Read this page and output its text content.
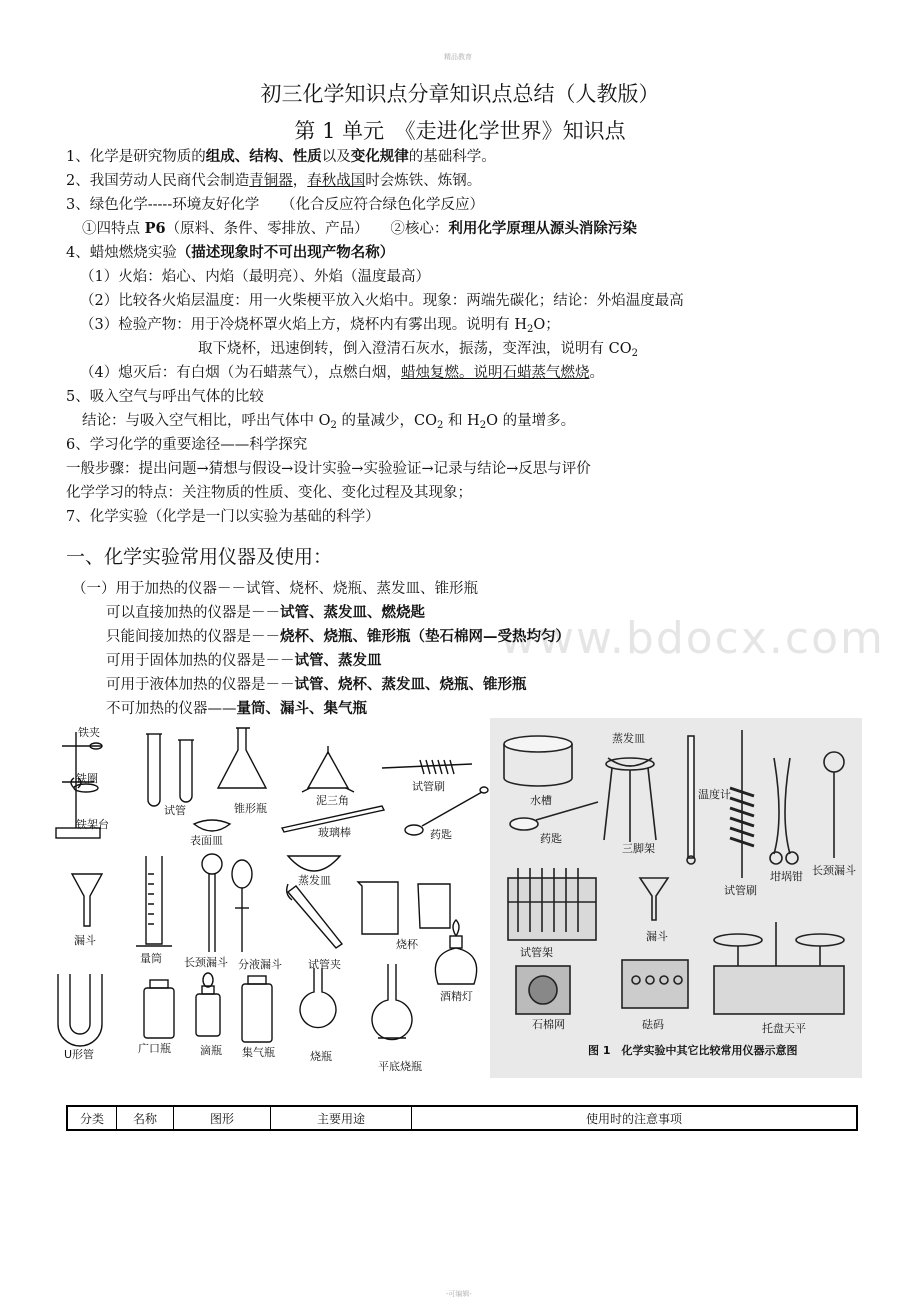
精品教育
初三化学知识点分章知识点总结（人教版）
第 1 单元　《走进化学世界》知识点
1、化学是研究物质的组成、结构、性质以及变化规律的基础科学。
2、我国劳动人民商代会制造青铜器，春秋战国时会炼铁、炼钢。
3、绿色化学-----环境友好化学　　（化合反应符合绿色化学反应）
①四特点 P6（原料、条件、零排放、产品）　　②核心：利用化学原理从源头消除污染
4、蜡烛燃烧实验（描述现象时不可出现产物名称）
（1）火焰：焰心、内焰（最明亮）、外焰（温度最高）
（2）比较各火焰层温度：用一火柴梗平放入火焰中。现象：两端先碳化；结论：外焰温度最高
（3）检验产物：用于冷烧杯罩火焰上方，烧杯内有雾出现。说明有 $H_2O$；
取下烧杯，迅速倒转，倒入澄清石灰水，振荡，变浑浊，说明有 $CO_2$
（4）熄灭后：有白烟（为石蜡蒸气），点燃白烟，蜡烛复燃。说明石蜡蒸气燃烧。
5、吸入空气与呼出气体的比较
结论：与吸入空气相比，呼出气体中 $O_2$ 的量减少，$CO_2$ 和 $H_2O$ 的量增多。
6、学习化学的重要途径——科学探究
一般步骤：提出问题→猜想与假设→设计实验→实验验证→记录与结论→反思与评价
化学学习的特点：关注物质的性质、变化、变化过程及其现象；
7、化学实验（化学是一门以实验为基础的科学）
一、化学实验常用仪器及使用：
（一）用于加热的仪器－－试管、烧杯、烧瓶、蒸发皿、锥形瓶
可以直接加热的仪器是－－试管、蒸发皿、燃烧匙
只能间接加热的仪器是－－烧杯、烧瓶、锥形瓶（垫石棉网—受热均匀）
可用于固体加热的仪器是－－试管、蒸发皿
可用于液体加热的仪器是－－试管、烧杯、蒸发皿、烧瓶、锥形瓶
不可加热的仪器——量筒、漏斗、集气瓶
www.bdocx.com
铁夹
铁圈
铁架台
试管	锥形瓶
泥三角
试管刷
表面皿
玻璃棒	药匙
漏斗
量筒 长颈漏斗 分液漏斗 试管夹
蒸发皿
烧杯
酒精灯
U形管	广口瓶	滴瓶 集气瓶	烧瓶
平底烧瓶
水槽
蒸发皿
温度计
药匙
三脚架
试管刷
坩埚钳 长颈漏斗
试管架
漏斗
石棉网	砝码	托盘天平
图 1　化学实验中其它比较常用仪器示意图
分类	名称	图形	主要用途	使用时的注意事项
-可编辑-
